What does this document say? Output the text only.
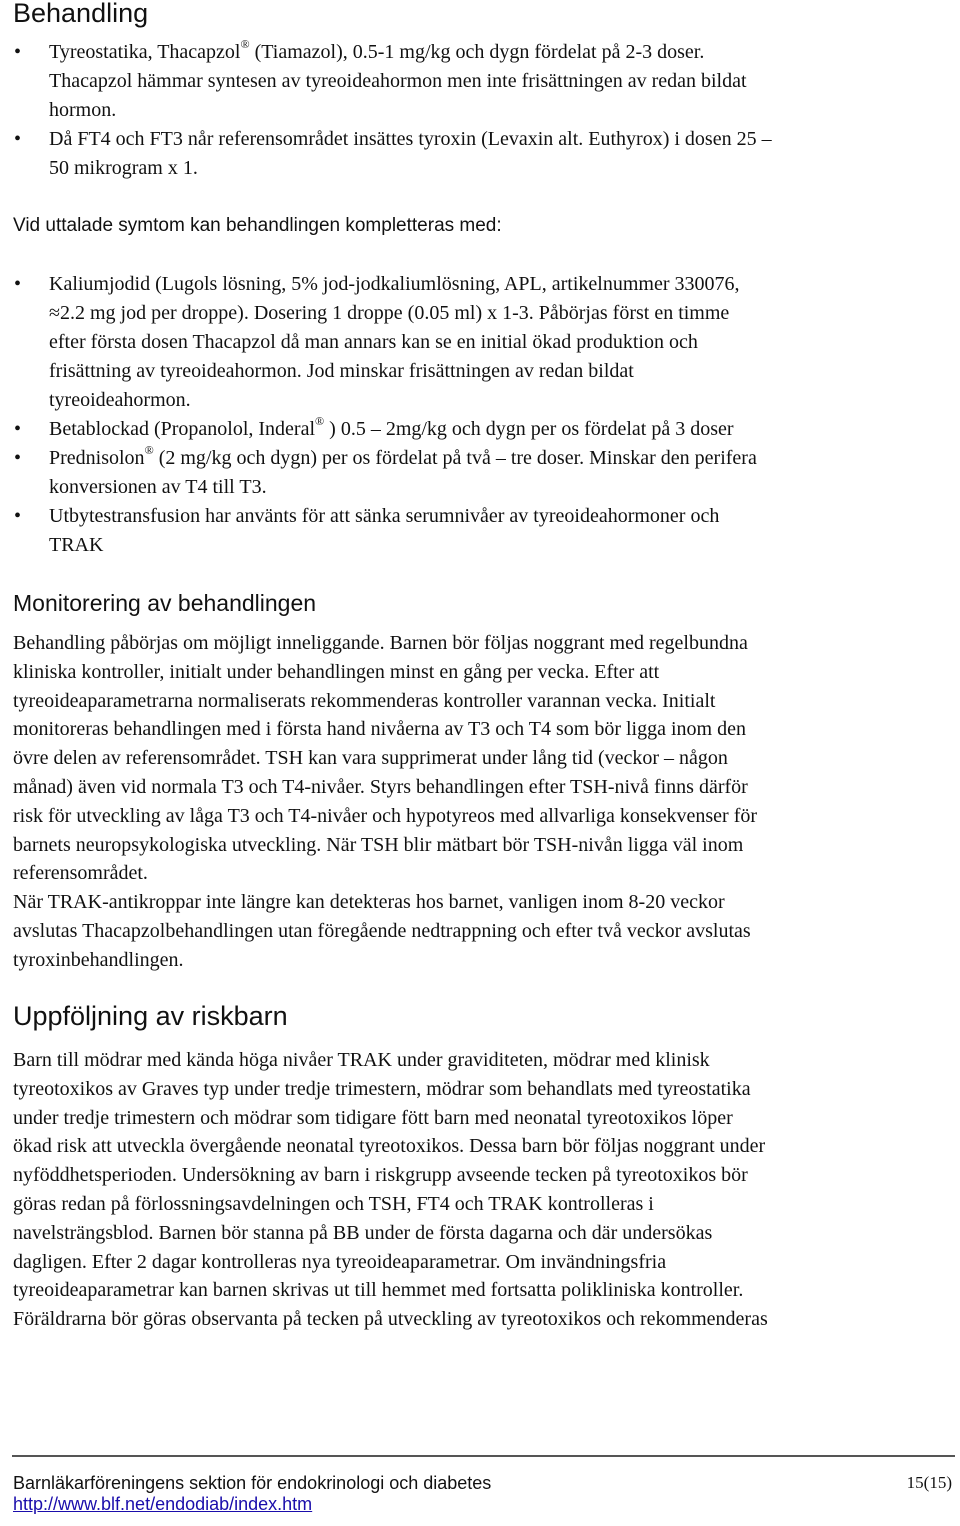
Behandling
•	Tyreostatika, Thacapzol® (Tiamazol), 0.5-1 mg/kg och dygn fördelat på 2-3 doser.
Thacapzol hämmar syntesen av tyreoideahormon men inte frisättningen av redan bildat
hormon.
•	Då FT4 och FT3 når referensområdet insättes tyroxin (Levaxin alt. Euthyrox) i dosen 25 –
50 mikrogram x 1.
Vid uttalade symtom kan behandlingen kompletteras med:
•	Kaliumjodid (Lugols lösning, 5% jod-jodkaliumlösning, APL, artikelnummer 330076,
≈2.2 mg jod per droppe). Dosering 1 droppe (0.05 ml) x 1-3. Påbörjas först en timme
efter första dosen Thacapzol då man annars kan se en initial ökad produktion och
frisättning av tyreoideahormon. Jod minskar frisättningen av redan bildat
tyreoideahormon.
•	Betablockad (Propanolol, Inderal® ) 0.5 – 2mg/kg och dygn per os fördelat på 3 doser
•	Prednisolon® (2 mg/kg och dygn) per os fördelat på två – tre doser. Minskar den perifera
konversionen av T4 till T3.
•	Utbytestransfusion har använts för att sänka serumnivåer av tyreoideahormoner och
TRAK
Monitorering av behandlingen
Behandling påbörjas om möjligt inneliggande. Barnen bör följas noggrant med regelbundna
kliniska kontroller, initialt under behandlingen minst en gång per vecka. Efter att
tyreoideaparametrarna normaliserats rekommenderas kontroller varannan vecka. Initialt
monitoreras behandlingen med i första hand nivåerna av T3 och T4 som bör ligga inom den
övre delen av referensområdet. TSH kan vara supprimerat under lång tid (veckor – någon
månad) även vid normala T3 och T4-nivåer. Styrs behandlingen efter TSH-nivå finns därför
risk för utveckling av låga T3 och T4-nivåer och hypotyreos med allvarliga konsekvenser för
barnets neuropsykologiska utveckling. När TSH blir mätbart bör TSH-nivån ligga väl inom
referensområdet.
När TRAK-antikroppar inte längre kan detekteras hos barnet, vanligen inom 8-20 veckor
avslutas Thacapzolbehandlingen utan föregående nedtrappning och efter två veckor avslutas
tyroxinbehandlingen.
Uppföljning av riskbarn
Barn till mödrar med kända höga nivåer TRAK under graviditeten, mödrar med klinisk
tyreotoxikos av Graves typ under tredje trimestern, mödrar som behandlats med tyreostatika
under tredje trimestern och mödrar som tidigare fött barn med neonatal tyreotoxikos löper
ökad risk att utveckla övergående neonatal tyreotoxikos. Dessa barn bör följas noggrant under
nyföddhetsperioden. Undersökning av barn i riskgrupp avseende tecken på tyreotoxikos bör
göras redan på förlossningsavdelningen och TSH, FT4 och TRAK kontrolleras i
navelsträngsblod. Barnen bör stanna på BB under de första dagarna och där undersökas
dagligen. Efter 2 dagar kontrolleras nya tyreoideaparametrar. Om invändningsfria
tyreoideaparametrar kan barnen skrivas ut till hemmet med fortsatta polikliniska kontroller.
Föräldrarna bör göras observanta på tecken på utveckling av tyreotoxikos och rekommenderas
Barnläkarföreningens sektion för endokrinologi och diabetes	15(15)
http://www.blf.net/endodiab/index.htm
